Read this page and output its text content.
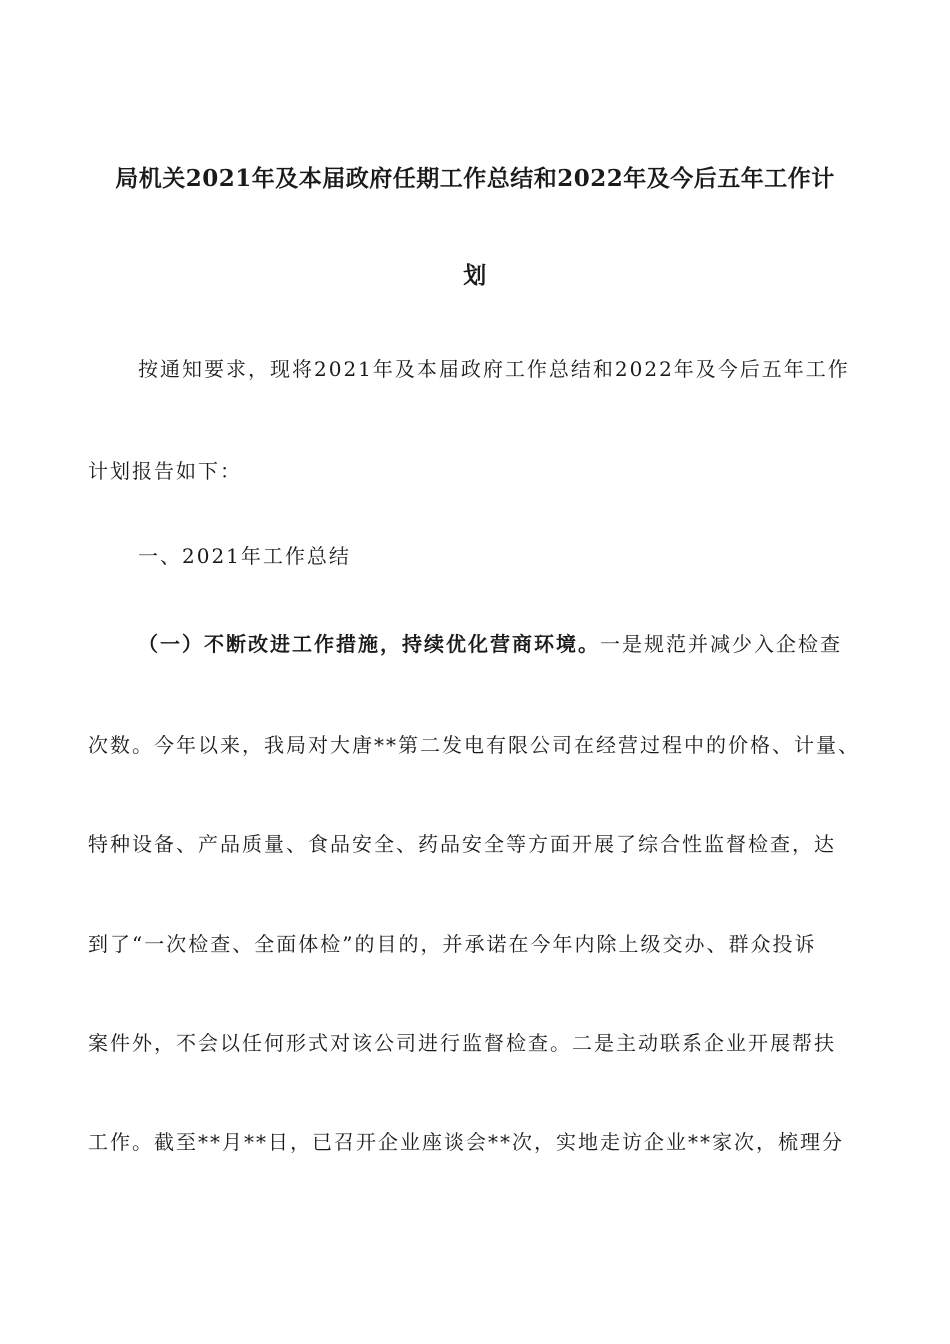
局机关2021年及本届政府任期工作总结和2022年及今后五年工作计
划

按通知要求，现将2021年及本届政府工作总结和2022年及今后五年工作

计划报告如下：

一、2021年工作总结

（一）不断改进工作措施，持续优化营商环境。一是规范并减少入企检查

次数。今年以来，我局对大唐**第二发电有限公司在经营过程中的价格、计量、

特种设备、产品质量、食品安全、药品安全等方面开展了综合性监督检查，达

到了“一次检查、全面体检”的目的，并承诺在今年内除上级交办、群众投诉

案件外，不会以任何形式对该公司进行监督检查。二是主动联系企业开展帮扶

工作。截至**月**日，已召开企业座谈会**次，实地走访企业**家次，梳理分
